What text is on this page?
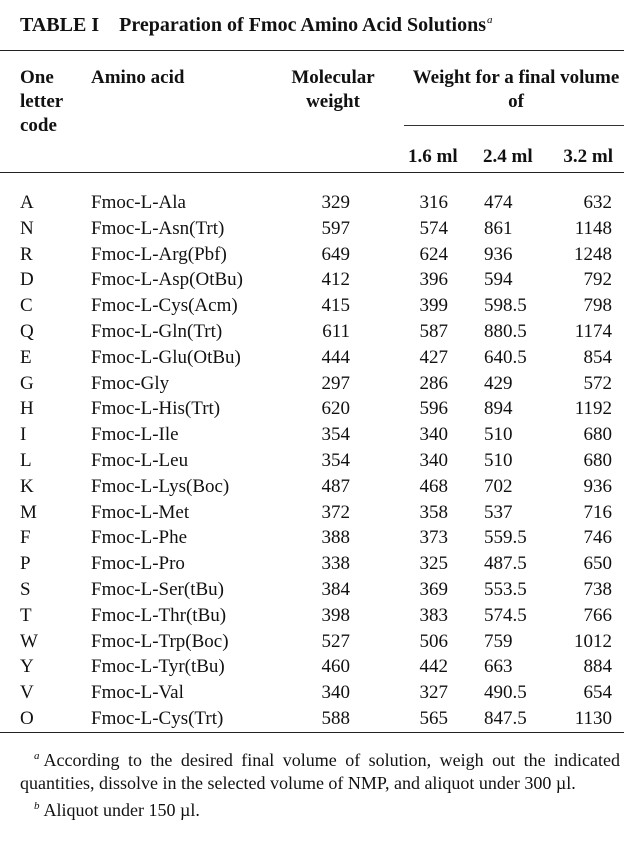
TABLE I Preparation of Fmoc Amino Acid Solutions$^a$
One letter code
Amino acid	Molecular weight
Weight for a final volume of
1.6 ml 2.4 ml	3.2 ml
A	Fmoc-L-Ala	329	316 474	632
N	Fmoc-L-Asn(Trt)	597	574 861	1148
R	Fmoc-L-Arg(Pbf)	649	624 936	1248
D	Fmoc-L-Asp(OtBu)	412	396 594	792
C	Fmoc-L-Cys(Acm)	415	399 598.5	798
Q	Fmoc-L-Gln(Trt)	611	587 880.5	1174
E	Fmoc-L-Glu(OtBu)	444	427 640.5	854
G	Fmoc-Gly	297	286 429	572
H	Fmoc-L-His(Trt)	620	596 894	1192
I	Fmoc-L-Ile	354	340 510	680
L	Fmoc-L-Leu	354	340 510	680
K	Fmoc-L-Lys(Boc)	487	468 702	936
M	Fmoc-L-Met	372	358 537	716
F	Fmoc-L-Phe	388	373 559.5	746
P	Fmoc-L-Pro	338	325 487.5	650
S	Fmoc-L-Ser(tBu)	384	369 553.5	738
T	Fmoc-L-Thr(tBu)	398	383 574.5	766
W	Fmoc-L-Trp(Boc)	527	506 759	1012
Y	Fmoc-L-Tyr(tBu)	460	442 663	884
V	Fmoc-L-Val	340	327 490.5	654
O	Fmoc-L-Cys(Trt)	588	565 847.5	1130

$^a$ According to the desired final volume of solution, weigh out the indicated quantities, dissolve in the selected volume of NMP, and aliquot under 300 µl.

$^b$ Aliquot under 150 µl.
